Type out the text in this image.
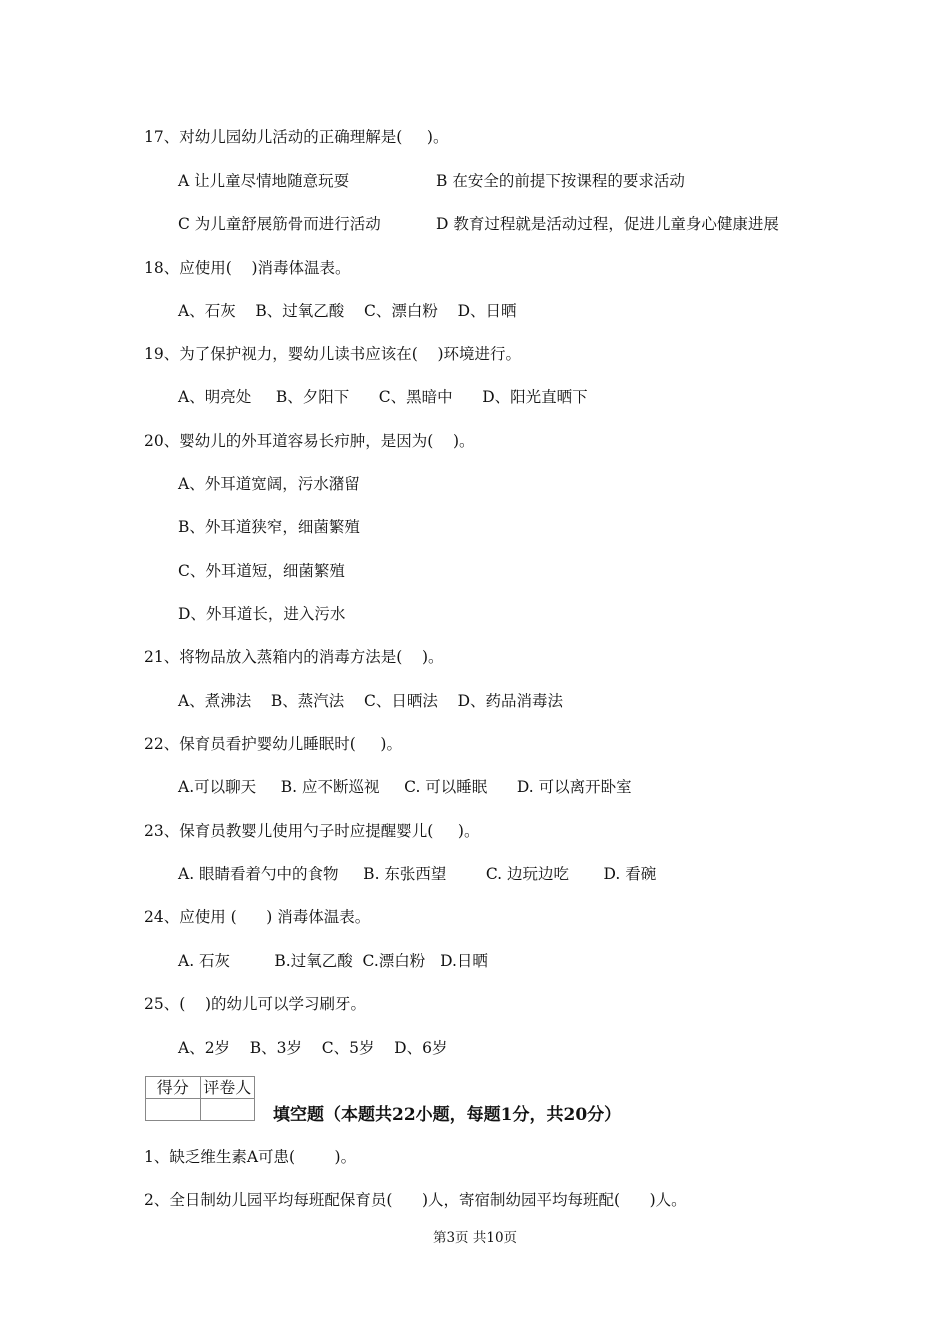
17、对幼儿园幼儿活动的正确理解是(     )。
A 让儿童尽情地随意玩耍	B 在安全的前提下按课程的要求活动
C 为儿童舒展筋骨而进行活动	D 教育过程就是活动过程，促进儿童身心健康进展
18、应使用(    )消毒体温表。
A、石灰    B、过氧乙酸    C、漂白粉    D、日晒
19、为了保护视力，婴幼儿读书应该在(    )环境进行。
A、明亮处     B、夕阳下      C、黑暗中      D、阳光直晒下
20、婴幼儿的外耳道容易长疖肿，是因为(    )。
A、外耳道宽阔，污水潴留
B、外耳道狭窄，细菌繁殖
C、外耳道短，细菌繁殖
D、外耳道长，进入污水
21、将物品放入蒸箱内的消毒方法是(    )。
A、煮沸法    B、蒸汽法    C、日晒法    D、药品消毒法
22、保育员看护婴幼儿睡眠时(     )。
A.可以聊天     B. 应不断巡视     C. 可以睡眠      D. 可以离开卧室
23、保育员教婴儿使用勺子时应提醒婴儿(     )。
A. 眼睛看着勺中的食物     B. 东张西望        C. 边玩边吃       D. 看碗
24、应使用 (      ) 消毒体温表。
A. 石灰         B.过氧乙酸  C.漂白粉   D.日晒
25、(    )的幼儿可以学习刷牙。
A、2岁    B、3岁    C、5岁    D、6岁
得分	评卷人

填空题（本题共22小题，每题1分，共20分）
1、缺乏维生素A可患(        )。
2、全日制幼儿园平均每班配保育员(      )人，寄宿制幼园平均每班配(      )人。
第3页 共10页
